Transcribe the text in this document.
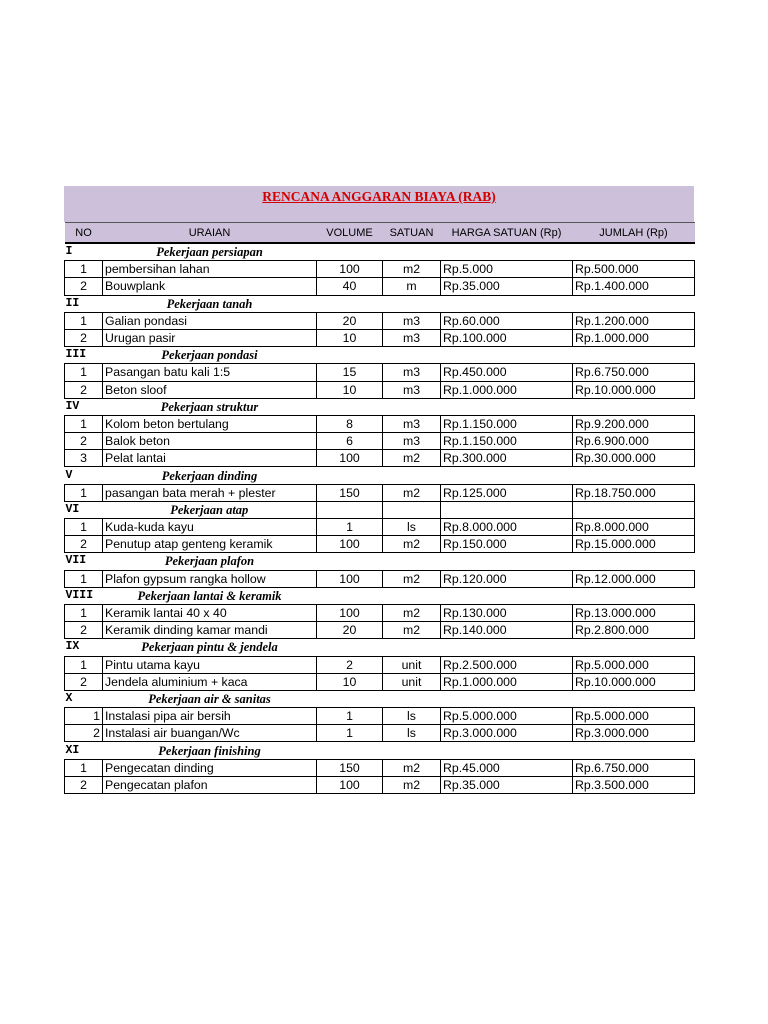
RENCANA ANGGARAN BIAYA (RAB)
NO	URAIAN	VOLUME	SATUAN	HARGA SATUAN (Rp)	JUMLAH (Rp)
I	Pekerjaan persiapan				
1	pembersihan lahan	100	m2	Rp.5.000	Rp.500.000
2	Bouwplank	40	m	Rp.35.000	Rp.1.400.000
II	Pekerjaan tanah				
1	Galian pondasi	20	m3	Rp.60.000	Rp.1.200.000
2	Urugan pasir	10	m3	Rp.100.000	Rp.1.000.000
III	Pekerjaan pondasi				
1	Pasangan batu kali 1:5	15	m3	Rp.450.000	Rp.6.750.000
2	Beton sloof	10	m3	Rp.1.000.000	Rp.10.000.000
IV	Pekerjaan struktur				
1	Kolom beton bertulang	8	m3	Rp.1.150.000	Rp.9.200.000
2	Balok beton	6	m3	Rp.1.150.000	Rp.6.900.000
3	Pelat lantai	100	m2	Rp.300.000	Rp.30.000.000
V	Pekerjaan dinding				
1	pasangan bata merah + plester	150	m2	Rp.125.000	Rp.18.750.000
VI	Pekerjaan atap				
1	Kuda-kuda kayu	1	ls	Rp.8.000.000	Rp.8.000.000
2	Penutup atap genteng keramik	100	m2	Rp.150.000	Rp.15.000.000
VII	Pekerjaan plafon				
1	Plafon gypsum rangka hollow	100	m2	Rp.120.000	Rp.12.000.000
VIII	Pekerjaan lantai & keramik				
1	Keramik lantai 40 x 40	100	m2	Rp.130.000	Rp.13.000.000
2	Keramik dinding kamar mandi	20	m2	Rp.140.000	Rp.2.800.000
IX	Pekerjaan pintu & jendela				
1	Pintu utama kayu	2	unit	Rp.2.500.000	Rp.5.000.000
2	Jendela aluminium + kaca	10	unit	Rp.1.000.000	Rp.10.000.000
X	Pekerjaan air & sanitas				
1	Instalasi pipa air bersih	1	ls	Rp.5.000.000	Rp.5.000.000
2	Instalasi air buangan/Wc	1	ls	Rp.3.000.000	Rp.3.000.000
XI	Pekerjaan finishing				
1	Pengecatan dinding	150	m2	Rp.45.000	Rp.6.750.000
2	Pengecatan plafon	100	m2	Rp.35.000	Rp.3.500.000
